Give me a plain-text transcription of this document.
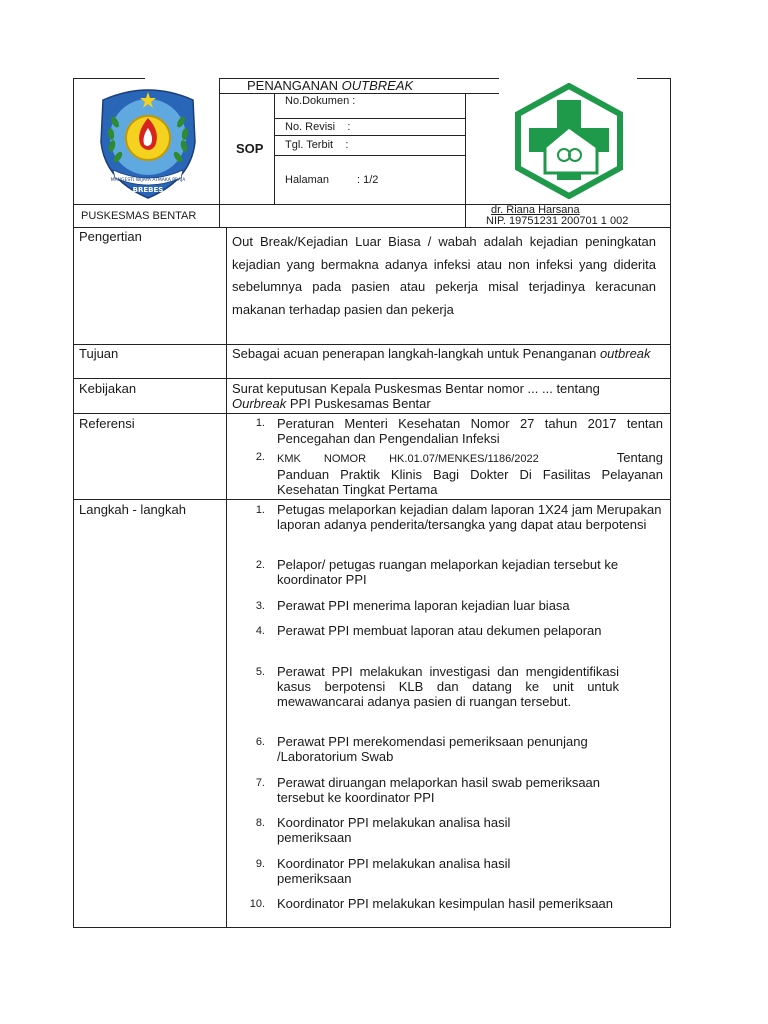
MANGESTI WIJAYA ATMAKA PRAJA
BREBES
PENANGANAN OUTBREAK
SOP
No.Dokumen :
No. Revisi    :
Tgl. Terbit    :
Halaman	: 1/2
PUSKESMAS BENTAR	dr. Riana Harsana
NIP. 19751231 200701 1 002
Pengertian	Out Break/Kejadian Luar Biasa / wabah adalah kejadian peningkatan kejadian yang bermakna adanya infeksi atau non infeksi yang diderita sebelumnya pada pasien atau pekerja misal terjadinya keracunan makanan terhadap pasien dan pekerja
Tujuan	Sebagai acuan penerapan langkah-langkah untuk Penanganan outbreak
Kebijakan	Surat keputusan Kepala Puskesmas Bentar nomor ... ... tentang
Ourbreak PPI Puskesamas Bentar
Referensi	1. Peraturan Menteri Kesehatan Nomor 27 tahun 2017 tentan Pencegahan dan Pengendalian Infeksi
2. KMK NOMOR HK.01.07/MENKES/1186/2022	Tentang
Panduan Praktik Klinis Bagi Dokter Di Fasilitas Pelayanan Kesehatan Tingkat Pertama
Langkah - langkah	1. Petugas melaporkan kejadian dalam laporan 1X24 jam Merupakan laporan adanya penderita/tersangka yang dapat atau berpotensi
2. Pelapor/ petugas ruangan melaporkan kejadian tersebut ke koordinator PPI
3. Perawat PPI menerima laporan kejadian luar biasa
4. Perawat PPI membuat laporan atau dekumen pelaporan
5. Perawat PPI melakukan investigasi dan mengidentifikasi kasus berpotensi KLB dan datang ke unit untuk mewawancarai adanya pasien di ruangan tersebut.
6. Perawat PPI merekomendasi pemeriksaan penunjang /Laboratorium Swab
7. Perawat diruangan melaporkan hasil swab pemeriksaan tersebut ke koordinator PPI
8. Koordinator PPI melakukan analisa hasil pemeriksaan
9. Koordinator PPI melakukan analisa hasil pemeriksaan
10. Koordinator PPI melakukan kesimpulan hasil pemeriksaan
